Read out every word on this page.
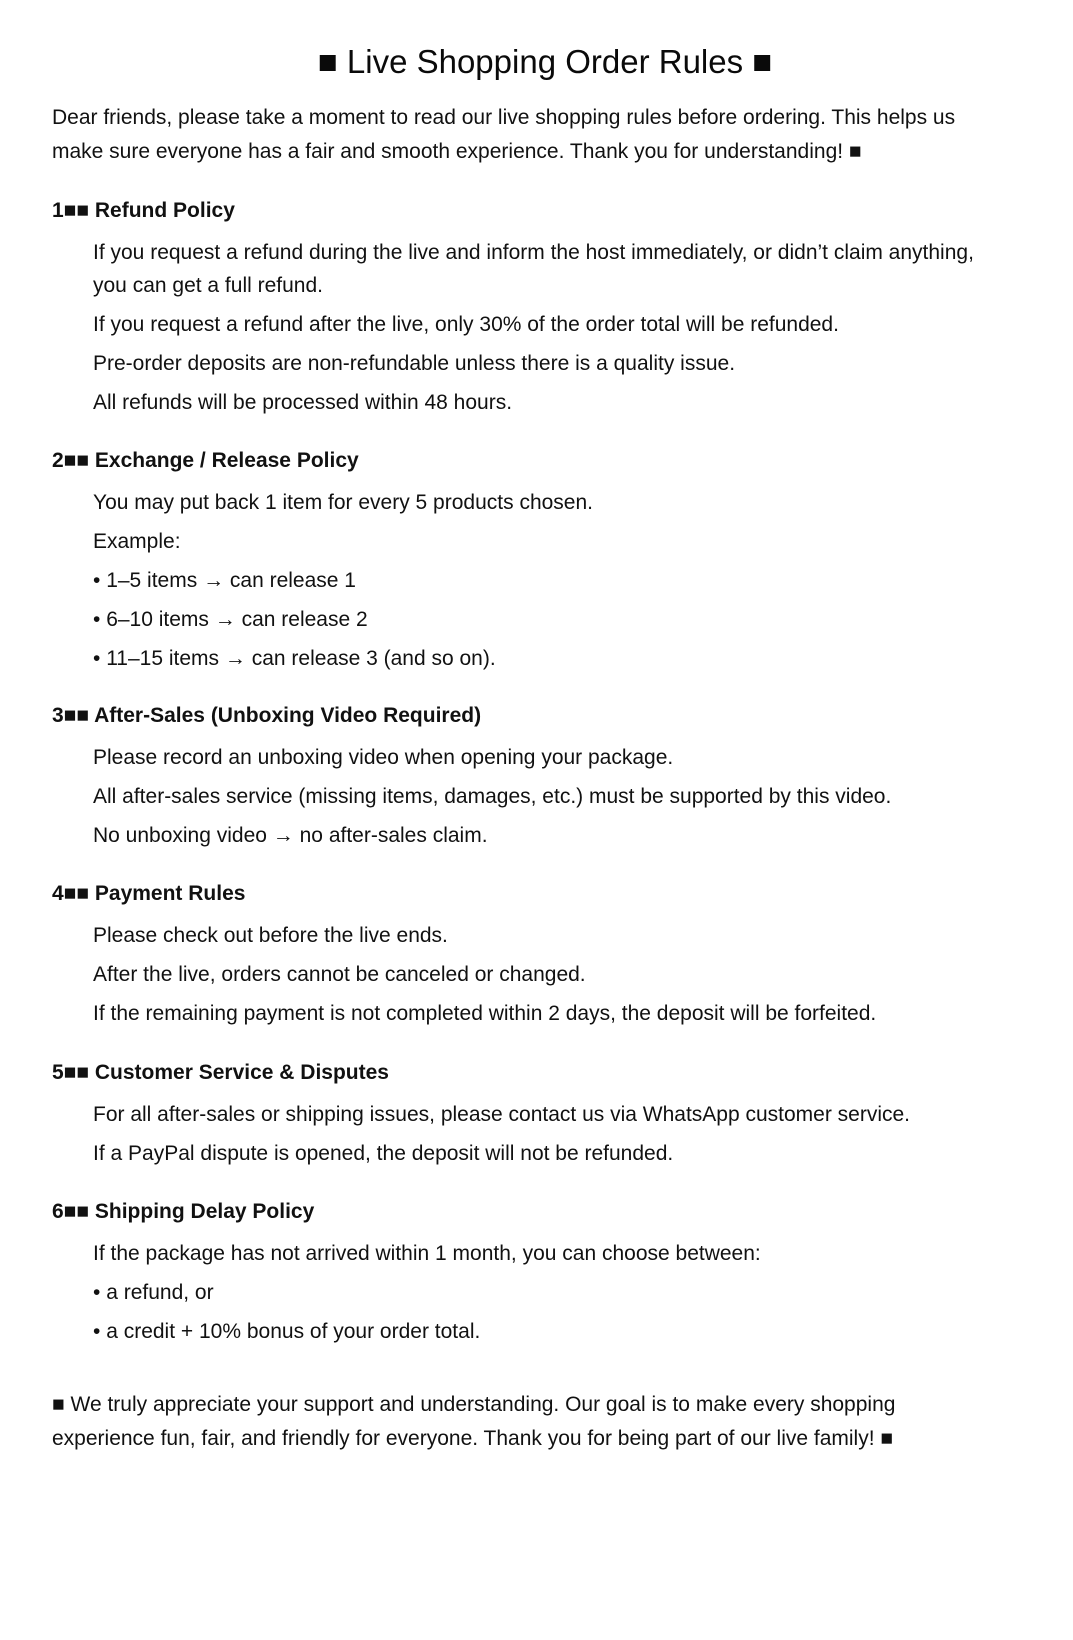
■ Live Shopping Order Rules ■
Dear friends, please take a moment to read our live shopping rules before ordering. This helps us
make sure everyone has a fair and smooth experience. Thank you for understanding! ■
1■■ Refund Policy
If you request a refund during the live and inform the host immediately, or didn’t claim anything,
you can get a full refund.
If you request a refund after the live, only 30% of the order total will be refunded.
Pre-order deposits are non-refundable unless there is a quality issue.
All refunds will be processed within 48 hours.
2■■ Exchange / Release Policy
You may put back 1 item for every 5 products chosen.
Example:
• 1–5 items → can release 1
• 6–10 items → can release 2
• 11–15 items → can release 3 (and so on).
3■■ After-Sales (Unboxing Video Required)
Please record an unboxing video when opening your package.
All after-sales service (missing items, damages, etc.) must be supported by this video.
No unboxing video → no after-sales claim.
4■■ Payment Rules
Please check out before the live ends.
After the live, orders cannot be canceled or changed.
If the remaining payment is not completed within 2 days, the deposit will be forfeited.
5■■ Customer Service & Disputes
For all after-sales or shipping issues, please contact us via WhatsApp customer service.
If a PayPal dispute is opened, the deposit will not be refunded.
6■■ Shipping Delay Policy
If the package has not arrived within 1 month, you can choose between:
• a refund, or
• a credit + 10% bonus of your order total.
■ We truly appreciate your support and understanding. Our goal is to make every shopping
experience fun, fair, and friendly for everyone. Thank you for being part of our live family! ■
